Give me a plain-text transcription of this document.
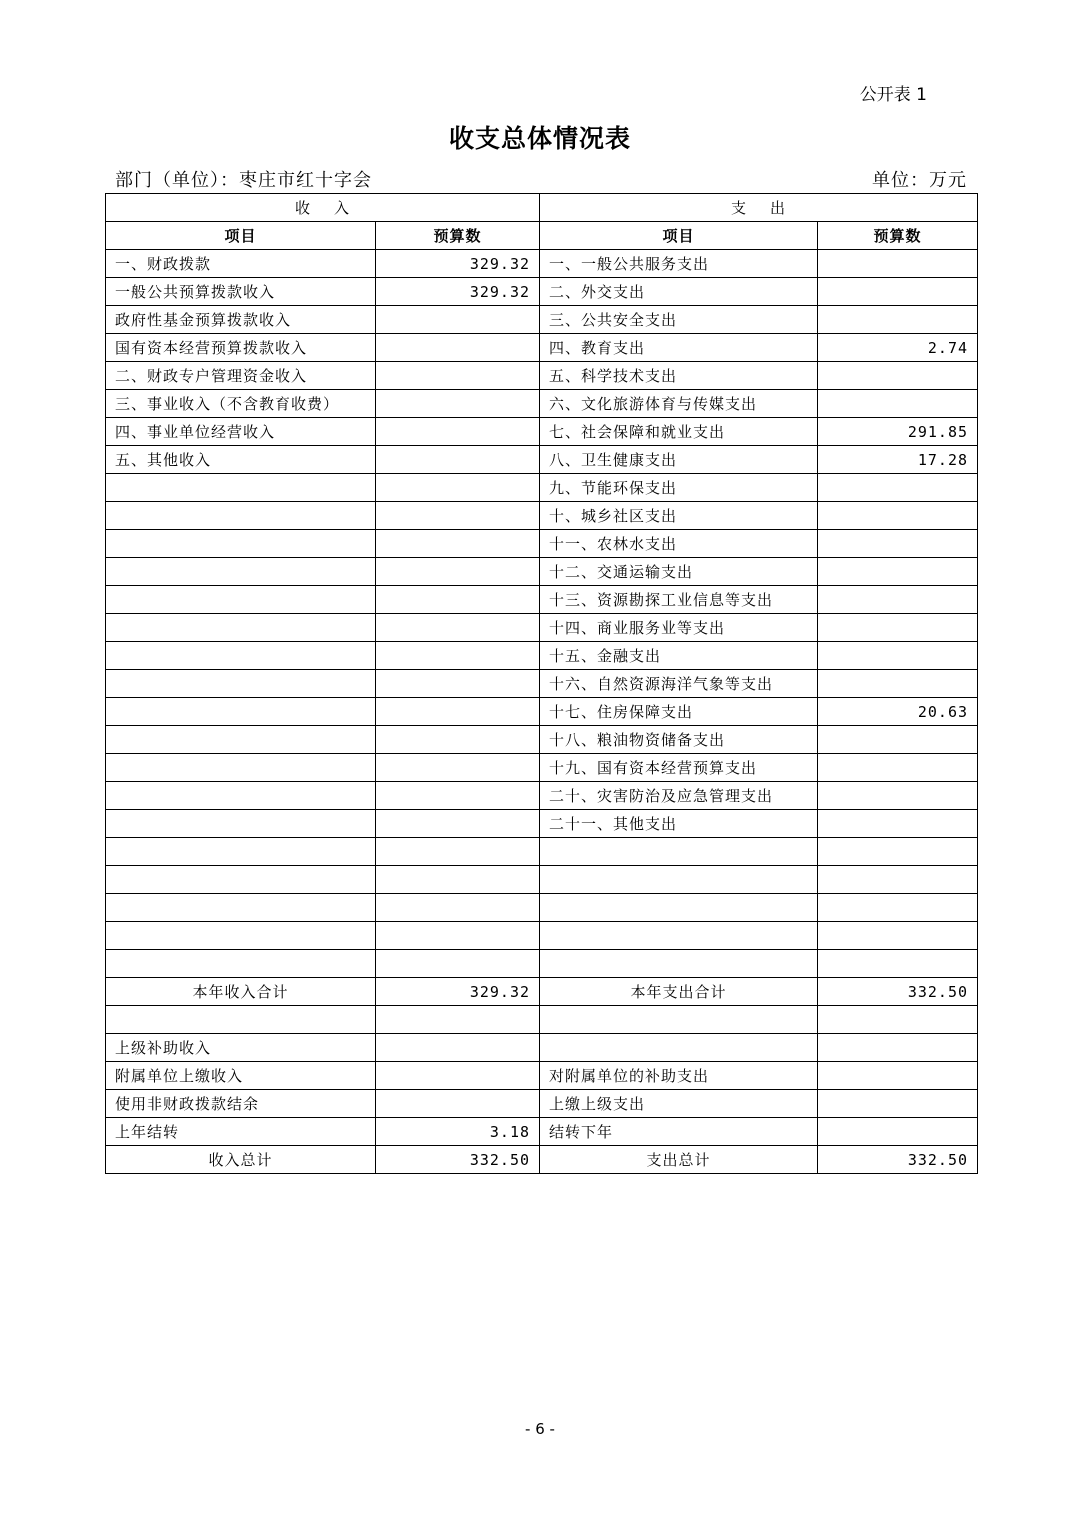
公开表 1
收支总体情况表
部门（单位）：枣庄市红十字会	单位：万元
收    入		支    出	
项目	预算数	项目	预算数
一、财政拨款	329.32	一、一般公共服务支出	
一般公共预算拨款收入	329.32	二、外交支出	
政府性基金预算拨款收入		三、公共安全支出	
国有资本经营预算拨款收入		四、教育支出	2.74
二、财政专户管理资金收入		五、科学技术支出	
三、事业收入（不含教育收费）		六、文化旅游体育与传媒支出	
四、事业单位经营收入		七、社会保障和就业支出	291.85
五、其他收入		八、卫生健康支出	17.28
		九、节能环保支出	
		十、城乡社区支出	
		十一、农林水支出	
		十二、交通运输支出	
		十三、资源勘探工业信息等支出	
		十四、商业服务业等支出	
		十五、金融支出	
		十六、自然资源海洋气象等支出	
		十七、住房保障支出	20.63
		十八、粮油物资储备支出	
		十九、国有资本经营预算支出	
		二十、灾害防治及应急管理支出	
		二十一、其他支出	

本年收入合计	329.32	本年支出合计	332.50

上级补助收入			
附属单位上缴收入		对附属单位的补助支出	
使用非财政拨款结余		上缴上级支出	
上年结转	3.18	结转下年	
收入总计	332.50	支出总计	332.50
- 6 -
